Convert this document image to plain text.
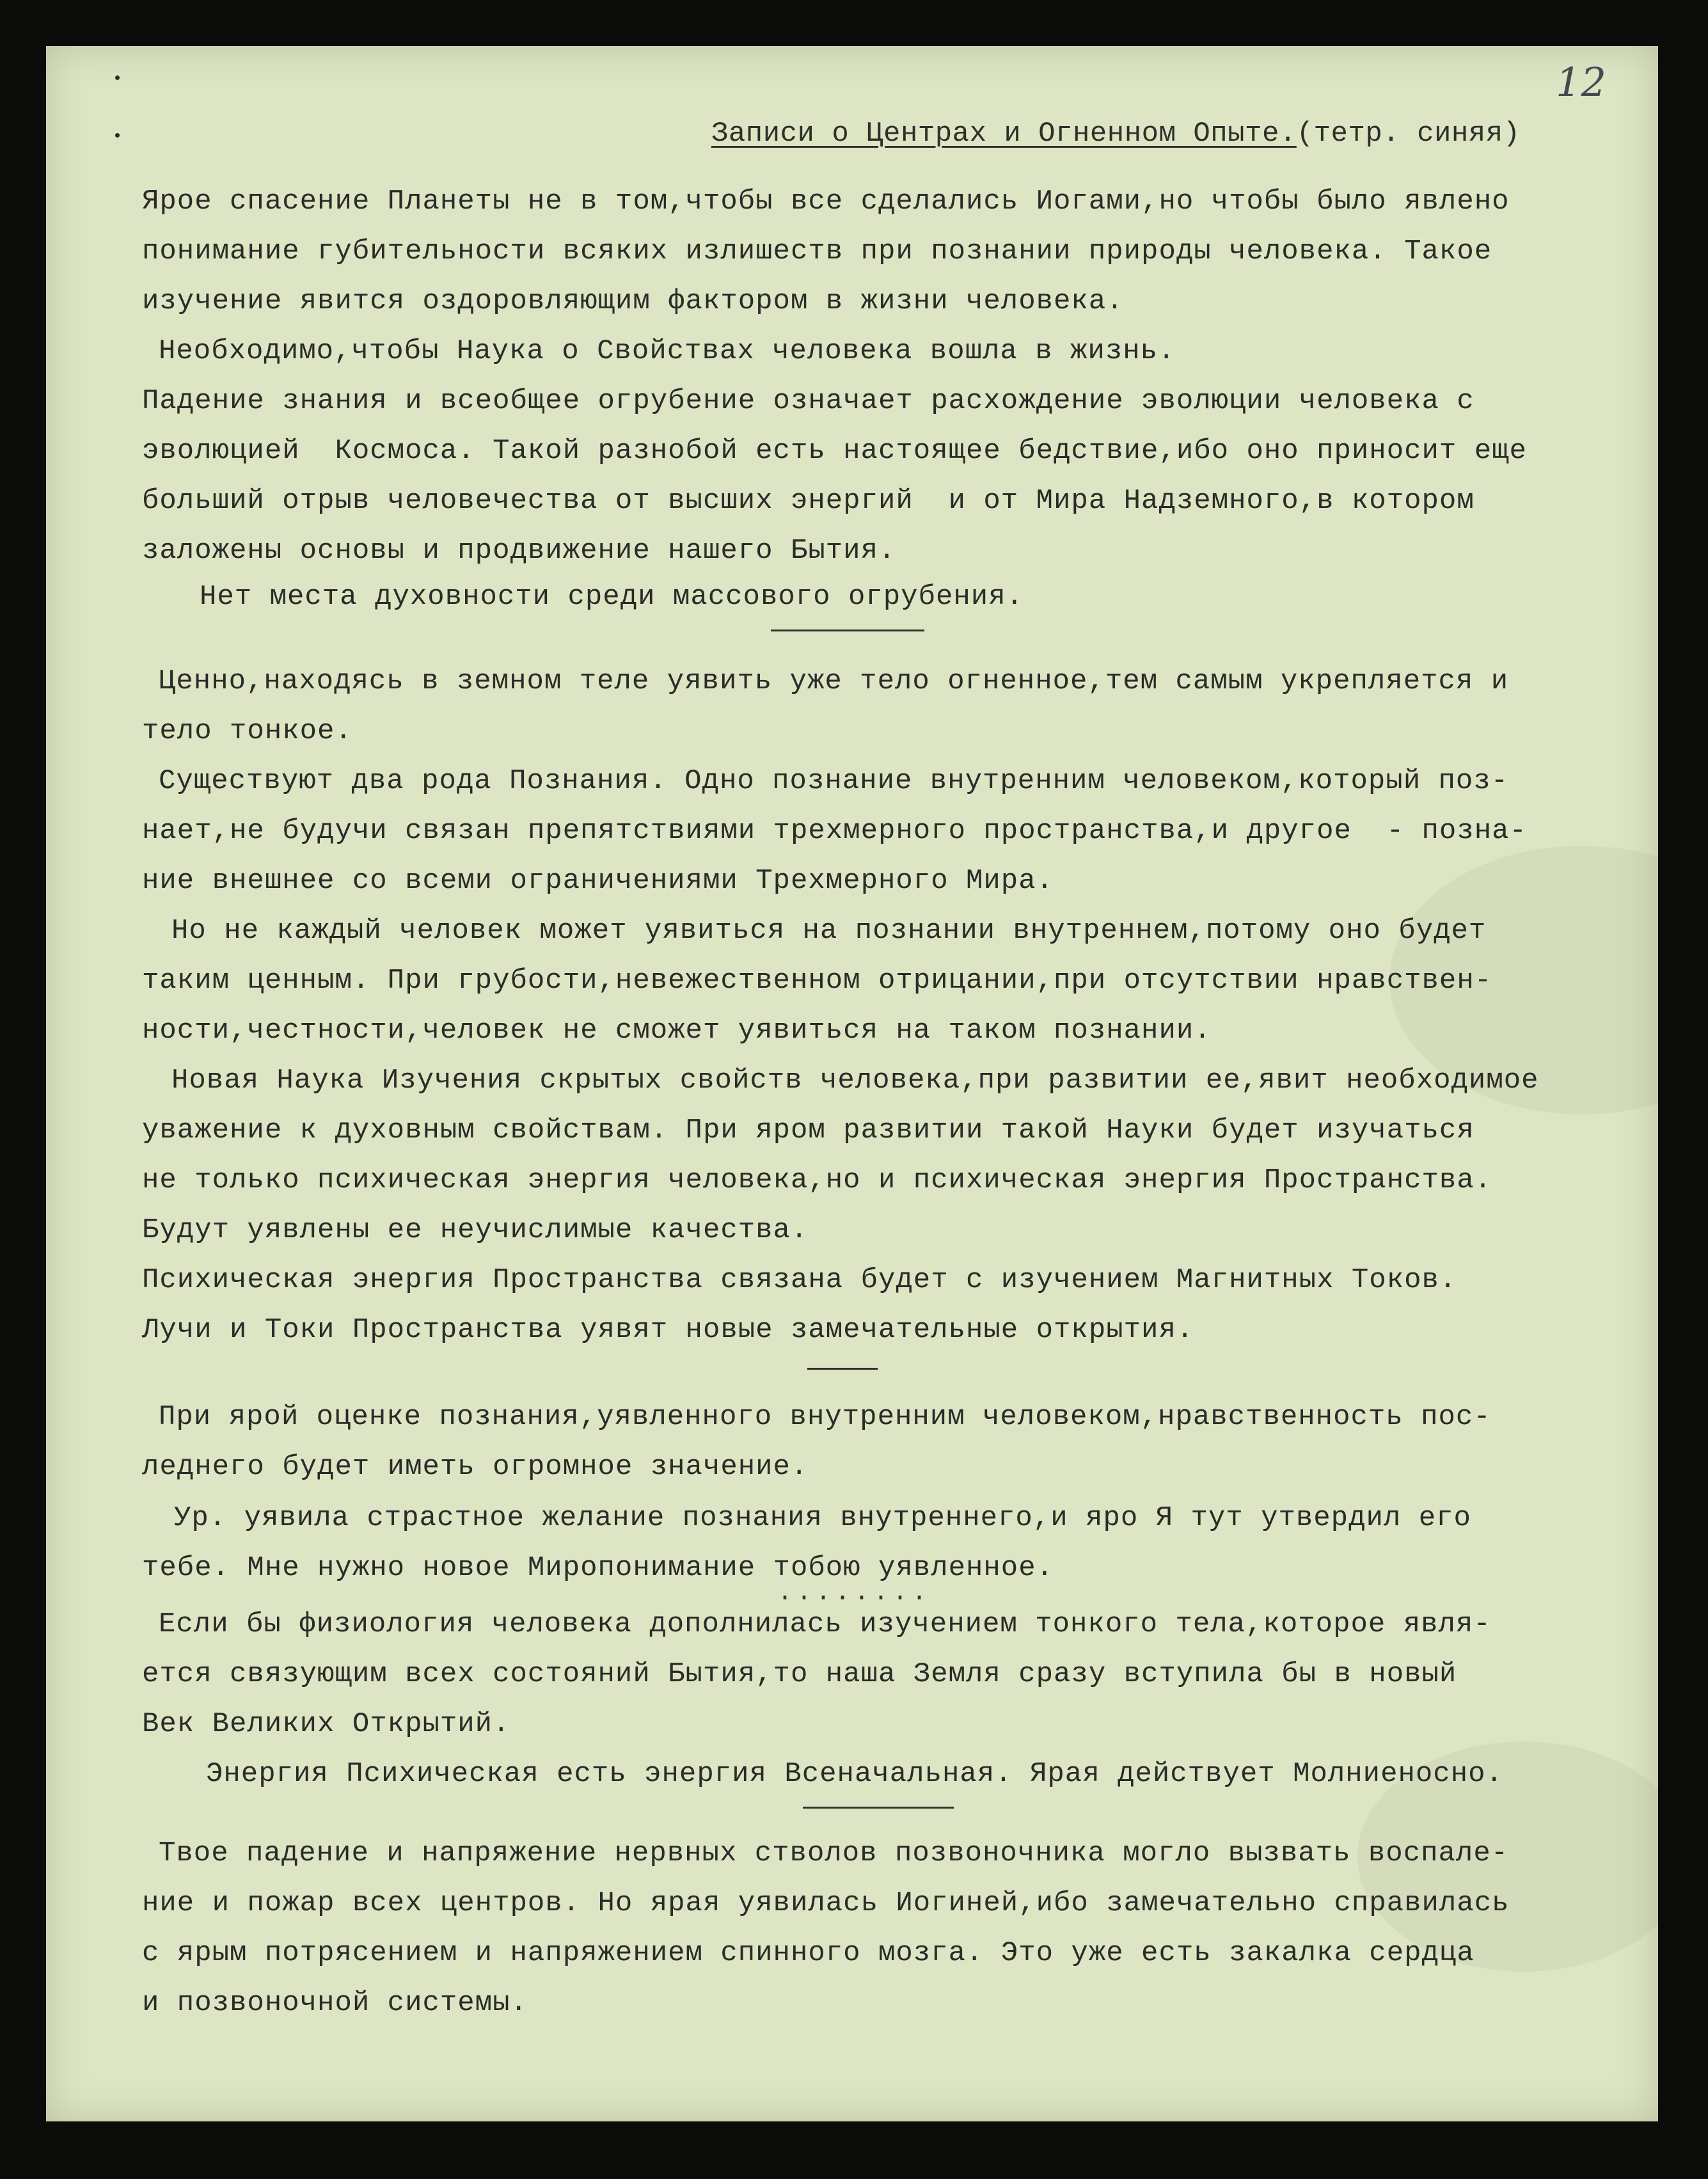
12
Записи о Центрах и Огненном Опыте.(тетр. синяя)
Ярое спасение Планеты не в том,чтобы все сделались Иогами,но чтобы было явлено
понимание губительности всяких излишеств при познании природы человека. Такое
изучение явится оздоровляющим фактором в жизни человека.
Необходимо,чтобы Наука о Свойствах человека вошла в жизнь.
Падение знания и всеобщее огрубение означает расхождение эволюции человека с
эволюцией  Космоса. Такой разнобой есть настоящее бедствие,ибо оно приносит еще
больший отрыв человечества от высших энергий  и от Мира Надземного,в котором
заложены основы и продвижение нашего Бытия.
Нет места духовности среди массового огрубения.
Ценно,находясь в земном теле уявить уже тело огненное,тем самым укрепляется и
тело тонкое.
Существуют два рода Познания. Одно познание внутренним человеком,который поз-
нает,не будучи связан препятствиями трехмерного пространства,и другое  - позна-
ние внешнее со всеми ограничениями Трехмерного Мира.
Но не каждый человек может уявиться на познании внутреннем,потому оно будет
таким ценным. При грубости,невежественном отрицании,при отсутствии нравствен-
ности,честности,человек не сможет уявиться на таком познании.
Новая Наука Изучения скрытых свойств человека,при развитии ее,явит необходимое
уважение к духовным свойствам. При яром развитии такой Науки будет изучаться
не только психическая энергия человека,но и психическая энергия Пространства.
Будут уявлены ее неучислимые качества.
Психическая энергия Пространства связана будет с изучением Магнитных Токов.
Лучи и Токи Пространства уявят новые замечательные открытия.
При ярой оценке познания,уявленного внутренним человеком,нравственность пос-
леднего будет иметь огромное значение.
Ур. уявила страстное желание познания внутреннего,и яро Я тут утвердил его
тебе. Мне нужно новое Миропонимание тобою уявленное.
........
Если бы физиология человека дополнилась изучением тонкого тела,которое явля-
ется связующим всех состояний Бытия,то наша Земля сразу вступила бы в новый
Век Великих Открытий.
Энергия Психическая есть энергия Всеначальная. Ярая действует Молниеносно.
Твое падение и напряжение нервных стволов позвоночника могло вызвать воспале-
ние и пожар всех центров. Но ярая уявилась Иогиней,ибо замечательно справилась
с ярым потрясением и напряжением спинного мозга. Это уже есть закалка сердца
и позвоночной системы.
